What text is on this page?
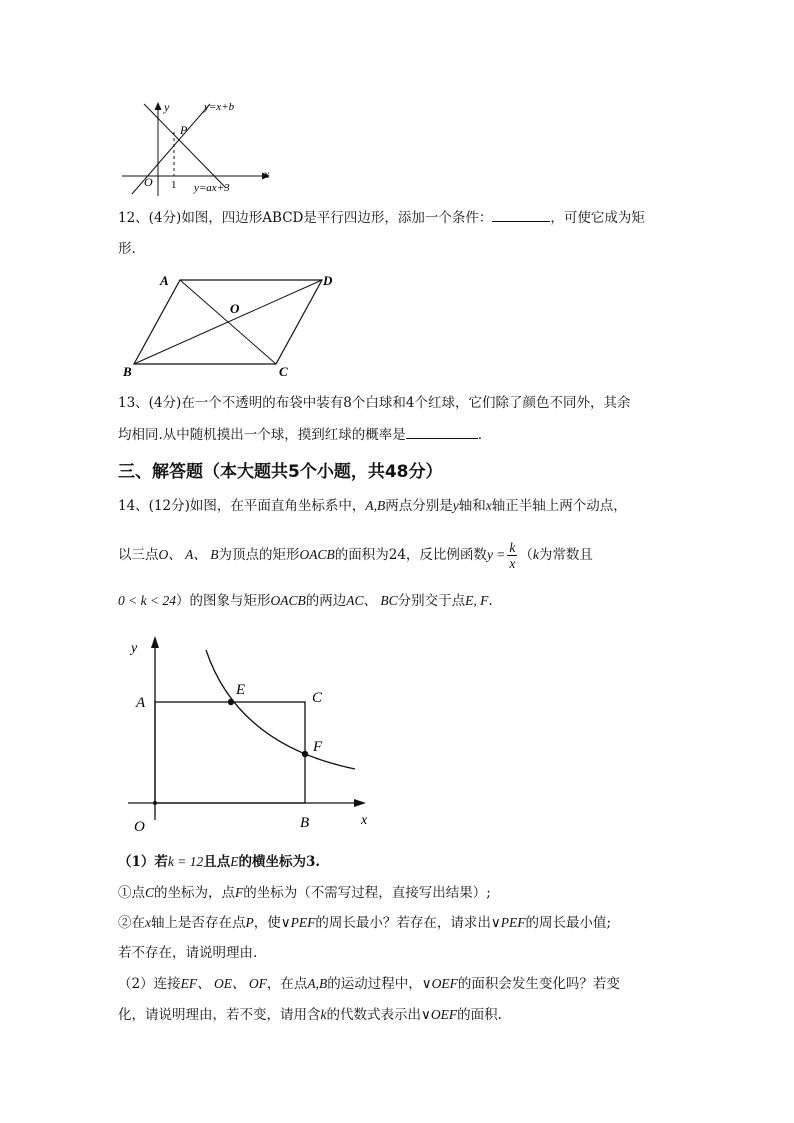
y	y=x+b
P
O 1 y=ax+3
x
12、(4分)如图，四边形ABCD是平行四边形，添加一个条件：	，可使它成为矩
形.
A	D
O
B	C
13、(4分)在一个不透明的布袋中装有8个白球和4个红球，它们除了颜色不同外，其余
均相同.从中随机摸出一个球，摸到红球的概率是	.
三、解答题（本大题共5个小题，共48分）
14、(12分)如图，在平面直角坐标系中，A,B两点分别是y轴和x轴正半轴上两个动点，
以三点O、 A、 B为顶点的矩形OACB的面积为24，反比例函数$y = \frac{k}{x} (k$为常数且
0 < k < 24）的图象与矩形OACB的两边AC、 BC分别交于点E, F.
y
A
E	C
F
O	B	x
（1）若k = 12且点E的横坐标为3.
①点C的坐标为，点F的坐标为（不需写过程，直接写出结果）;
②在x轴上是否存在点P，使∨PEF的周长最小？若存在，请求出∨PEF的周长最小值;
若不存在，请说明理由.
（2）连接EF、 OE、 OF，在点A,B的运动过程中，∨OEF的面积会发生变化吗？若变
化，请说明理由，若不变，请用含k的代数式表示出∨OEF的面积.
